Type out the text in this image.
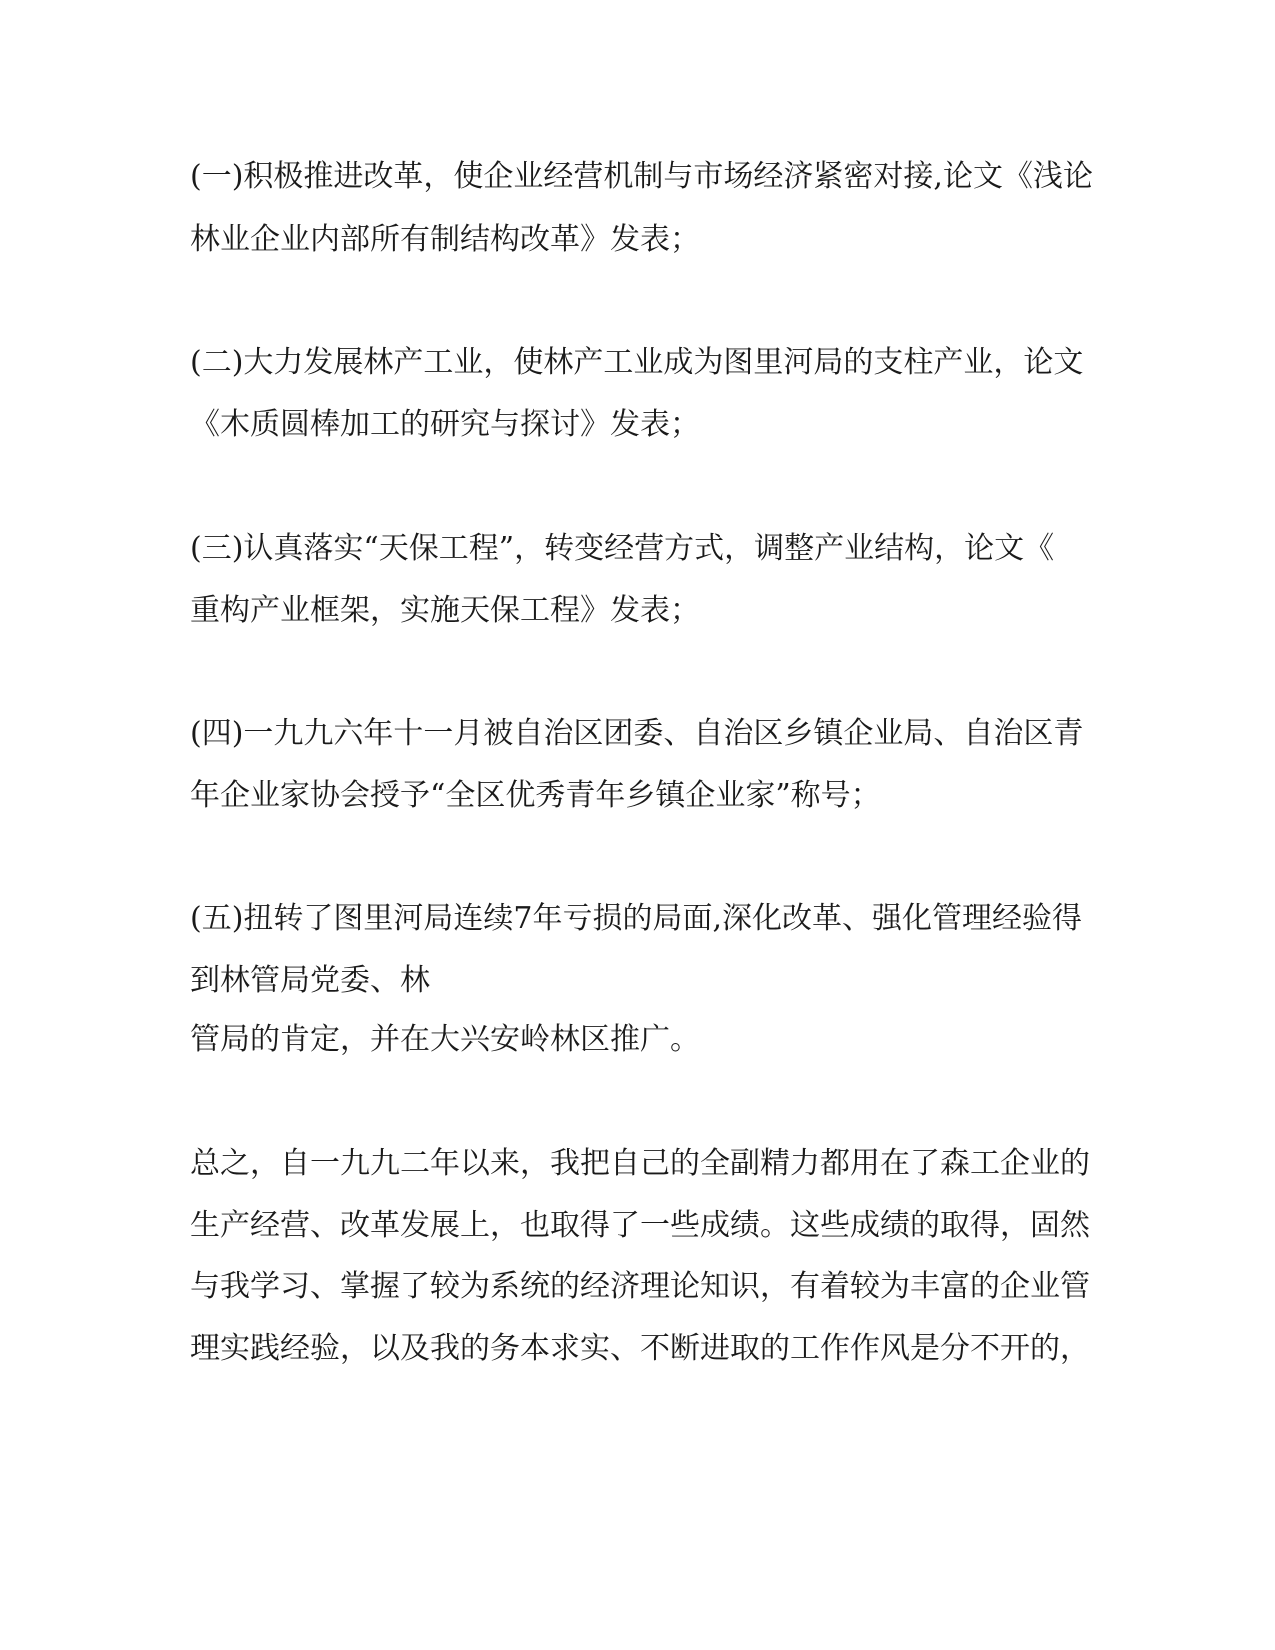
(一)积极推进改革，使企业经营机制与市场经济紧密对接,论文《浅论
林业企业内部所有制结构改革》发表；
(二)大力发展林产工业，使林产工业成为图里河局的支柱产业，论文
《木质圆棒加工的研究与探讨》发表；
(三)认真落实“天保工程”，转变经营方式，调整产业结构，论文《
重构产业框架，实施天保工程》发表；
(四)一九九六年十一月被自治区团委、自治区乡镇企业局、自治区青
年企业家协会授予“全区优秀青年乡镇企业家”称号；
(五)扭转了图里河局连续7年亏损的局面,深化改革、强化管理经验得
到林管局党委、林
管局的肯定，并在大兴安岭林区推广。
总之，自一九九二年以来，我把自己的全副精力都用在了森工企业的
生产经营、改革发展上，也取得了一些成绩。这些成绩的取得，固然
与我学习、掌握了较为系统的经济理论知识，有着较为丰富的企业管
理实践经验，以及我的务本求实、不断进取的工作作风是分不开的，
